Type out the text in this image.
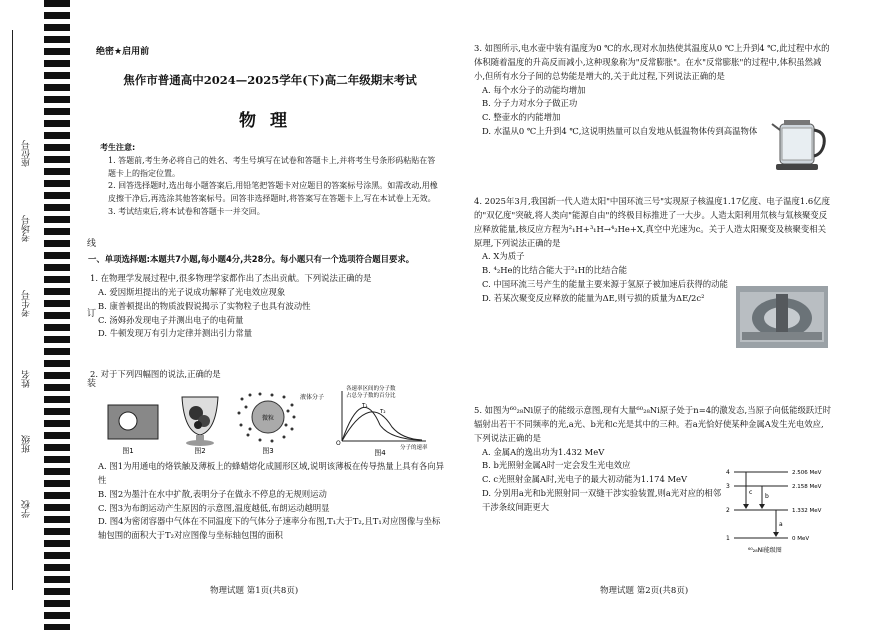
座位号
考场号
考生号
姓名
班级
学校
线
订
装
绝密★启用前
焦作市普通高中2024—2025学年(下)高二年级期末考试
物理
考生注意:

1. 答题前,考生务必将自己的姓名、考生号填写在试卷和答题卡上,并将考生号条形码粘贴在答题卡上的指定位置。

2. 回答选择题时,选出每小题答案后,用铅笔把答题卡对应题目的答案标号涂黑。如需改动,用橡皮擦干净后,再选涂其他答案标号。回答非选择题时,将答案写在答题卡上,写在本试卷上无效。

3. 考试结束后,将本试卷和答题卡一并交回。

一、单项选择题:本题共7小题,每小题4分,共28分。每小题只有一个选项符合题目要求。
1. 在物理学发展过程中,很多物理学家都作出了杰出贡献。下列说法正确的是
A. 爱因斯坦提出的光子说成功解释了光电效应现象
B. 康普顿提出的物质波假说揭示了实物粒子也具有波动性
C. 汤姆孙发现电子并测出电子的电荷量
D. 牛顿发现万有引力定律并测出引力常量
2. 对于下列四幅图的说法,正确的是
图1	图2
微粒
液体分子
图3
各速率区间的分子数
占总分子数的百分比
T₁
T₂
O
分子的速率
图4
A. 图1为用通电的烙铁触及薄板上的蜂蜡熔化成圆形区域,说明该薄板在传导热量上具有各向异性
B. 图2为墨汁在水中扩散,表明分子在做永不停息的无规则运动
C. 图3为布朗运动产生原因的示意图,温度越低,布朗运动越明显
D. 图4为密闭容器中气体在不同温度下的气体分子速率分布图,T₁大于T₂,且T₁对应图像与坐标轴包围的面积大于T₂对应图像与坐标轴包围的面积
物理试题 第1页(共8页)
3. 如图所示,电水壶中装有温度为0 ℃的水,现对水加热使其温度从0 ℃上升到4 ℃,此过程中水的体积随着温度的升高反而减小,这种现象称为"反常膨胀"。在水"反常膨胀"的过程中,体积虽然减小,但所有水分子间的总势能是增大的,关于此过程,下列说法正确的是
A. 每个水分子的动能均增加
B. 分子力对水分子做正功
C. 整壶水的内能增加
D. 水温从0 ℃上升到4 ℃,这说明热量可以自发地从低温物体传到高温物体
4. 2025年3月,我国新一代人造太阳"中国环流三号"实现原子核温度1.17亿度、电子温度1.6亿度的"双亿度"突破,将人类向"能源自由"的终极目标推进了一大步。人造太阳利用氘核与氚核聚变反应释放能量,核反应方程为²₁H+³₁H→⁴₂He+X,真空中光速为c。关于人造太阳聚变及核聚变相关原理,下列说法正确的是
A. X为质子
B. ⁴₂He的比结合能大于²₁H的比结合能
C. 中国环流三号产生的能量主要来源于氢原子被加速后获得的动能
D. 若某次聚变反应释放的能量为ΔE,则亏损的质量为ΔE/2c²
5. 如图为⁶⁰₂₈Ni原子的能级示意图,现有大量⁶⁰₂₈Ni原子处于n=4的激发态,当原子向低能级跃迁时辐射出若干不同频率的光,a光、b光和c光是其中的三种。若a光恰好使某种金属A发生光电效应,下列说法正确的是
A. 金属A的逸出功为1.432 MeV
B. b光照射金属A时一定会发生光电效应
C. c光照射金属A时,光电子的最大初动能为1.174 MeV
D. 分别用a光和b光照射同一双缝干涉实验装置,则a光对应的相邻干涉条纹间距更大
4
3
2
1
2.506 MeV
2.158 MeV
1.332 MeV
0 MeV
c
b
a
⁶⁰₂₈Ni能级图
物理试题 第2页(共8页)
